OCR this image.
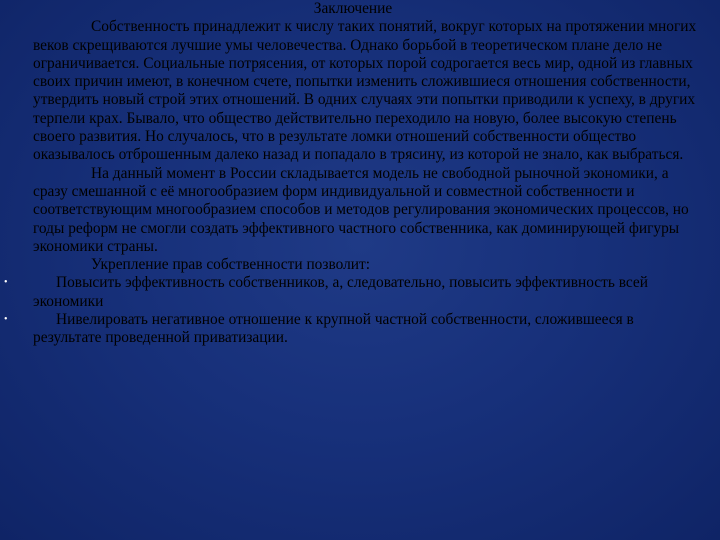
Заключение

Собственность принадлежит к числу таких понятий, вокруг которых на протяжении многих веков скрещиваются лучшие умы человечества. Однако борьбой в теоретическом плане дело не ограничивается. Социальные потрясения, от которых порой содрогается весь мир, одной из главных своих причин имеют, в конечном счете, попытки изменить сложившиеся отношения собственности, утвердить новый строй этих отношений. В одних случаях эти попытки приводили к успеху, в других терпели крах. Бывало, что общество действительно переходило на новую, более высокую степень своего развития. Но случалось, что в результате ломки отношений собственности общество оказывалось отброшенным далеко назад и попадало в трясину, из которой не знало, как выбраться.

На данный момент в России складывается модель не свободной рыночной экономики, а сразу смешанной с её многообразием форм индивидуальной и совместной собственности и соответствующим многообразием способов и методов регулирования экономических процессов, но годы реформ не смогли создать эффективного частного собственника, как доминирующей фигуры экономики страны.

Укрепление прав собственности позволит:

•	Повысить эффективность собственников, а, следовательно, повысить эффективность всей экономики

•	Нивелировать негативное отношение к крупной частной собственности, сложившееся в результате проведенной приватизации.
